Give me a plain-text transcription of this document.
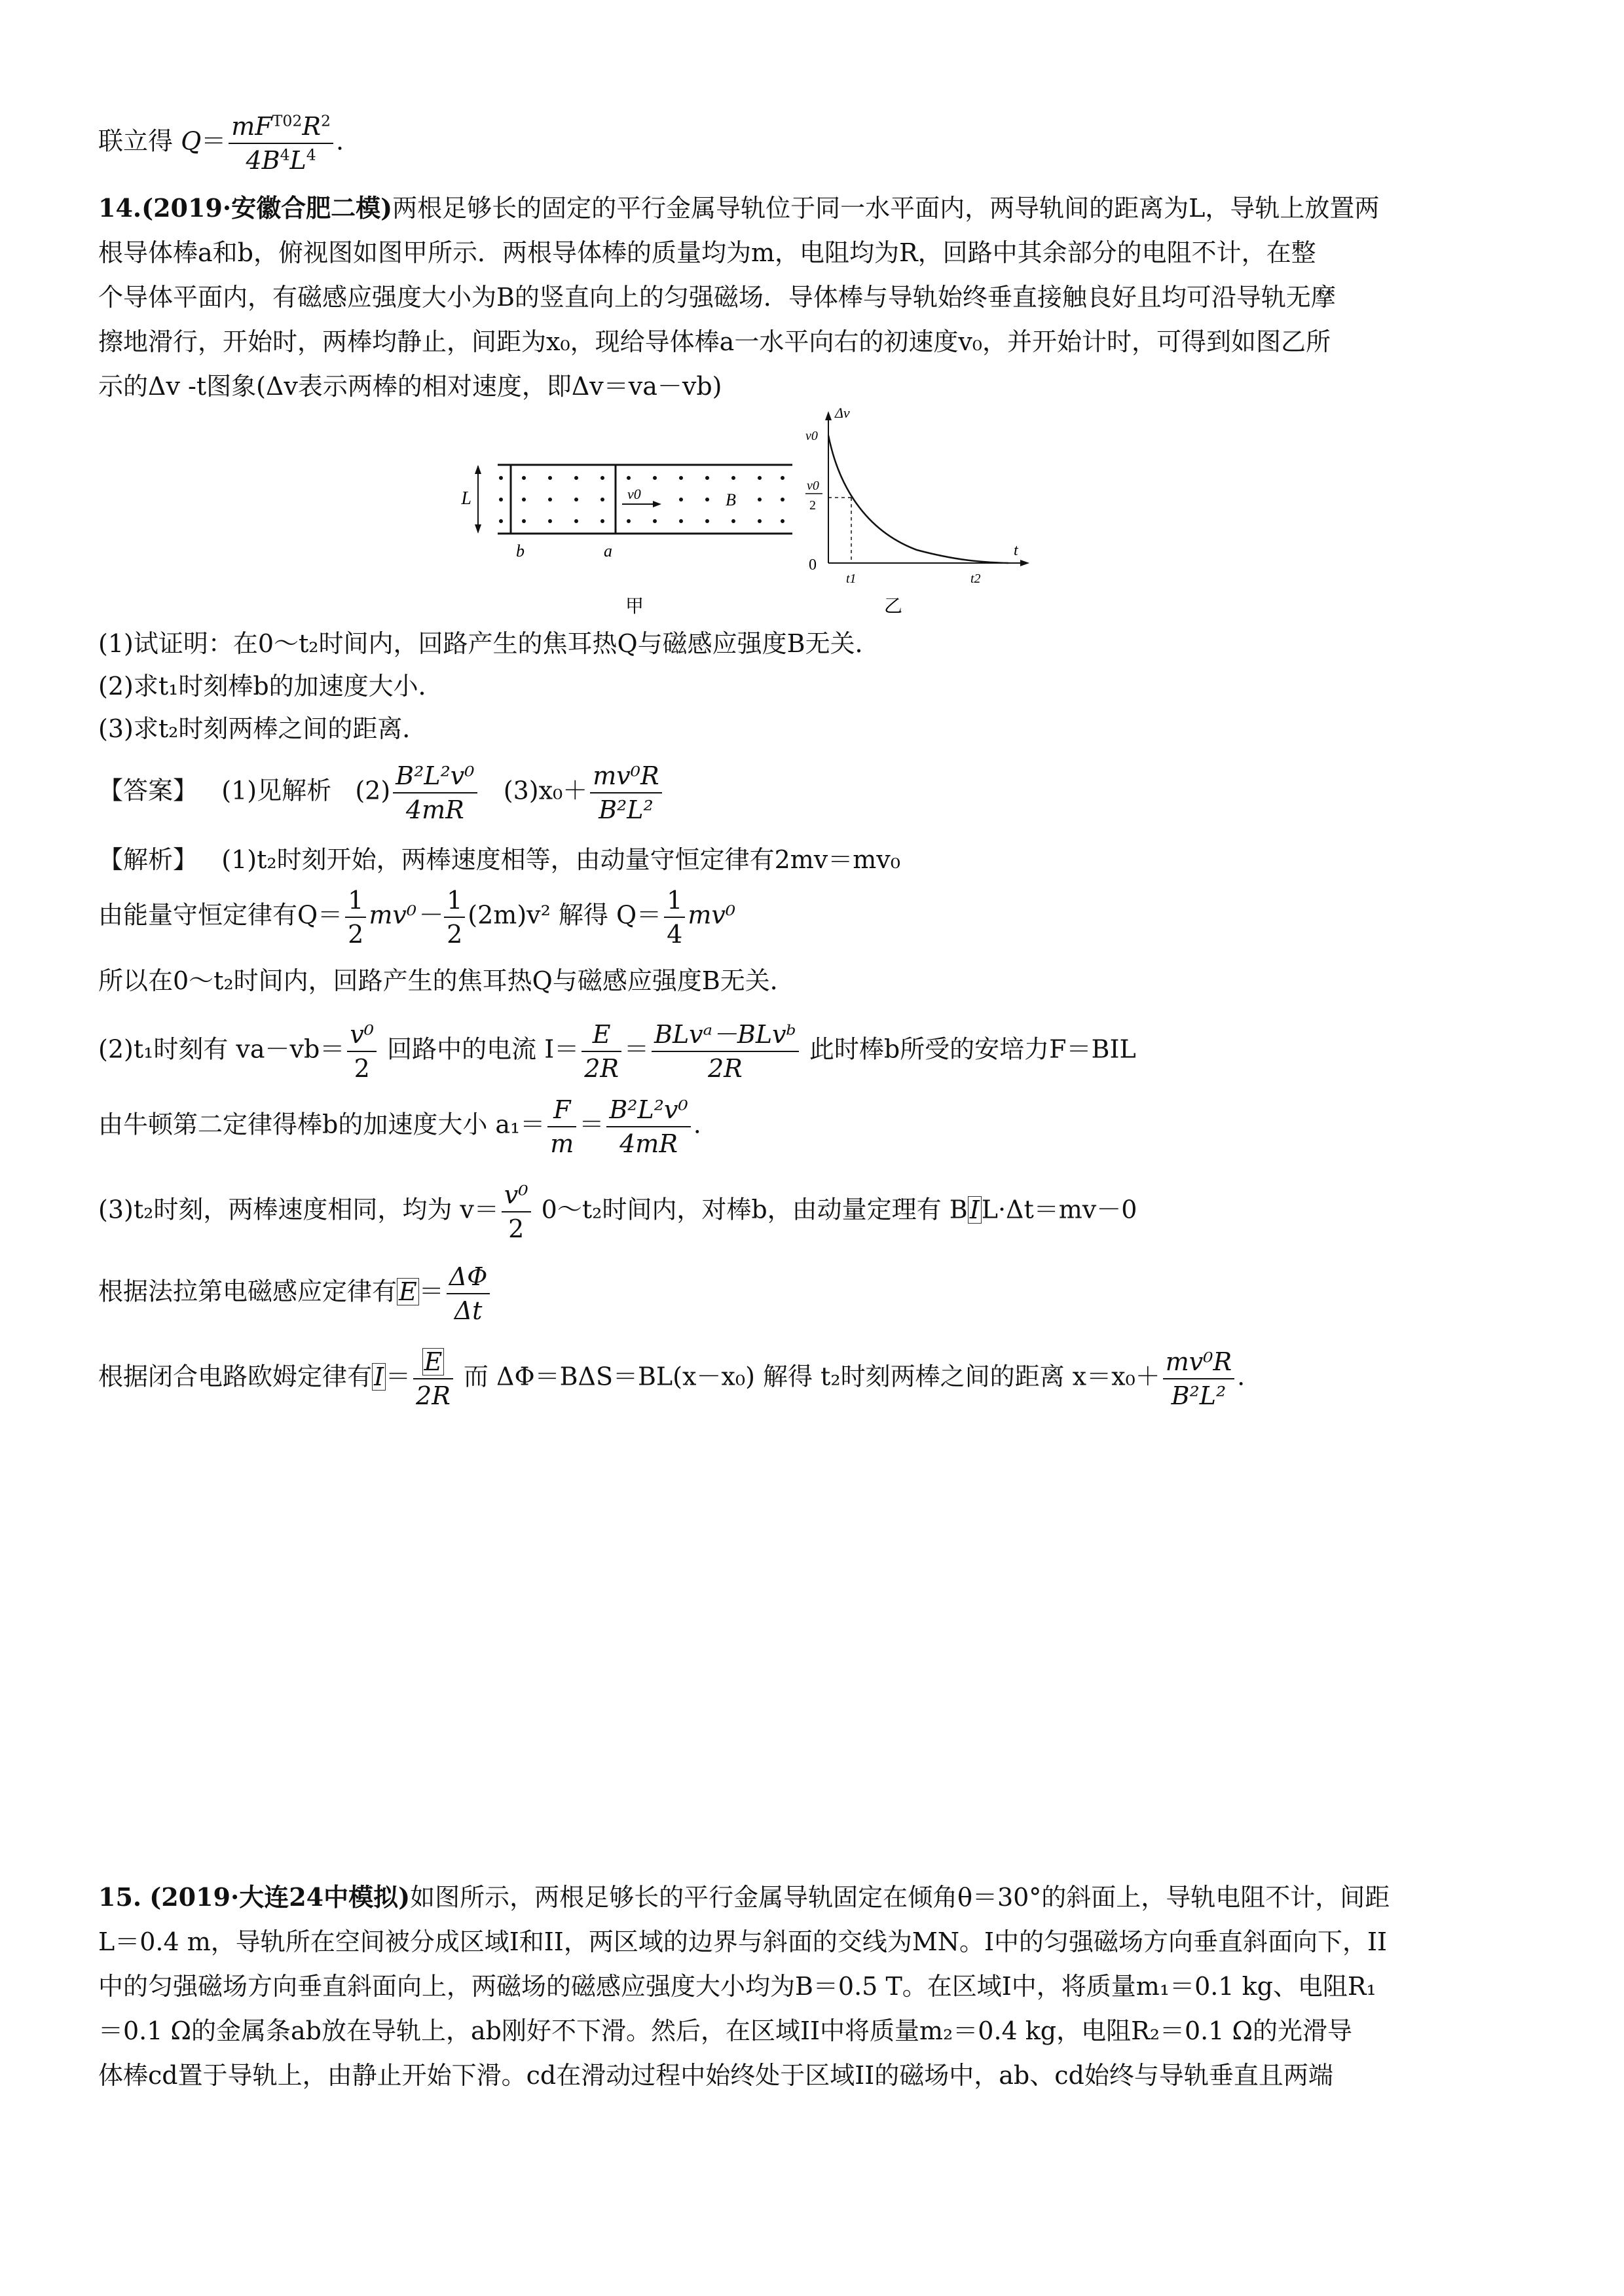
联立得 $Q= \frac{mF^{T02}R^2}{4B^4L^4}$ .
14.(2019·安徽合肥二模)两根足够长的固定的平行金属导轨位于同一水平面内，两导轨间的距离为L，导轨上放置两
根导体棒a和b，俯视图如图甲所示．两根导体棒的质量均为m，电阻均为R，回路中其余部分的电阻不计，在整
个导体平面内，有磁感应强度大小为B的竖直向上的匀强磁场．导体棒与导轨始终垂直接触良好且均可沿导轨无摩
擦地滑行，开始时，两棒均静止，间距为x₀，现给导体棒a一水平向右的初速度v₀，并开始计时，可得到如图乙所
示的Δv -t图象(Δv表示两棒的相对速度，即Δv＝va－vb)
L
b	a
v0	B
甲
Δv
t
v0
v0
2
0
t1	t2
乙
(1)试证明：在0～t₂时间内，回路产生的焦耳热Q与磁感应强度B无关．
(2)求t₁时刻棒b的加速度大小．
(3)求t₂时刻两棒之间的距离．
【答案】 (1)见解析 $(2) \frac{\text{B²L²v⁰}}{4mR} (3)x_0+ \frac{\text{mv⁰R}}{\text{B²L²}}$
【解析】 (1)t₂时刻开始，两棒速度相等，由动量守恒定律有2mv＝mv₀
由能量守恒定律有$Q= \frac{1}{2} mv^0- \frac{1}{2} (2m)v^2$ 解得 $Q= \frac{1}{4} mv^0$
所以在0～t₂时间内，回路产生的焦耳热Q与磁感应强度B无关．
(2)t₁时刻有 $va-vb= \frac{\text{v⁰}}{2}$ 回路中的电流 $I= \frac{E}{2R} = \frac{\text{BLvᵃ－BLvᵇ}}{2R}$ 此时棒b所受的安培力F＝BIL
由牛顿第二定律得棒b的加速度大小 $a_1= \frac{F}{m} = \frac{\text{B²L²v⁰}}{4mR}$ .
(3)t₂时刻，两棒速度相同，均为 $v= \frac{\text{v⁰}}{2}$ 0～t₂时间内，对棒b，由动量定理有 BIL·Δt＝mv－0
根据法拉第电磁感应定律有$E= \frac{\Delta\Phi}{\Delta t}$
根据闭合电路欧姆定律有$I= \frac{E}{2R}$ 而 ΔΦ＝BΔS＝BL(x－x₀) 解得 t₂时刻两棒之间的距离 $x=x_0+ \frac{\text{mv⁰R}}{\text{B²L²}}$ .
15. (2019·大连24中模拟)如图所示，两根足够长的平行金属导轨固定在倾角θ＝30°的斜面上，导轨电阻不计，间距
L＝0.4 m，导轨所在空间被分成区域I和II，两区域的边界与斜面的交线为MN。I中的匀强磁场方向垂直斜面向下，II
中的匀强磁场方向垂直斜面向上，两磁场的磁感应强度大小均为B＝0.5 T。在区域I中，将质量m₁＝0.1 kg、电阻R₁
＝0.1 Ω的金属条ab放在导轨上，ab刚好不下滑。然后，在区域II中将质量m₂＝0.4 kg，电阻R₂＝0.1 Ω的光滑导
体棒cd置于导轨上，由静止开始下滑。cd在滑动过程中始终处于区域II的磁场中，ab、cd始终与导轨垂直且两端
